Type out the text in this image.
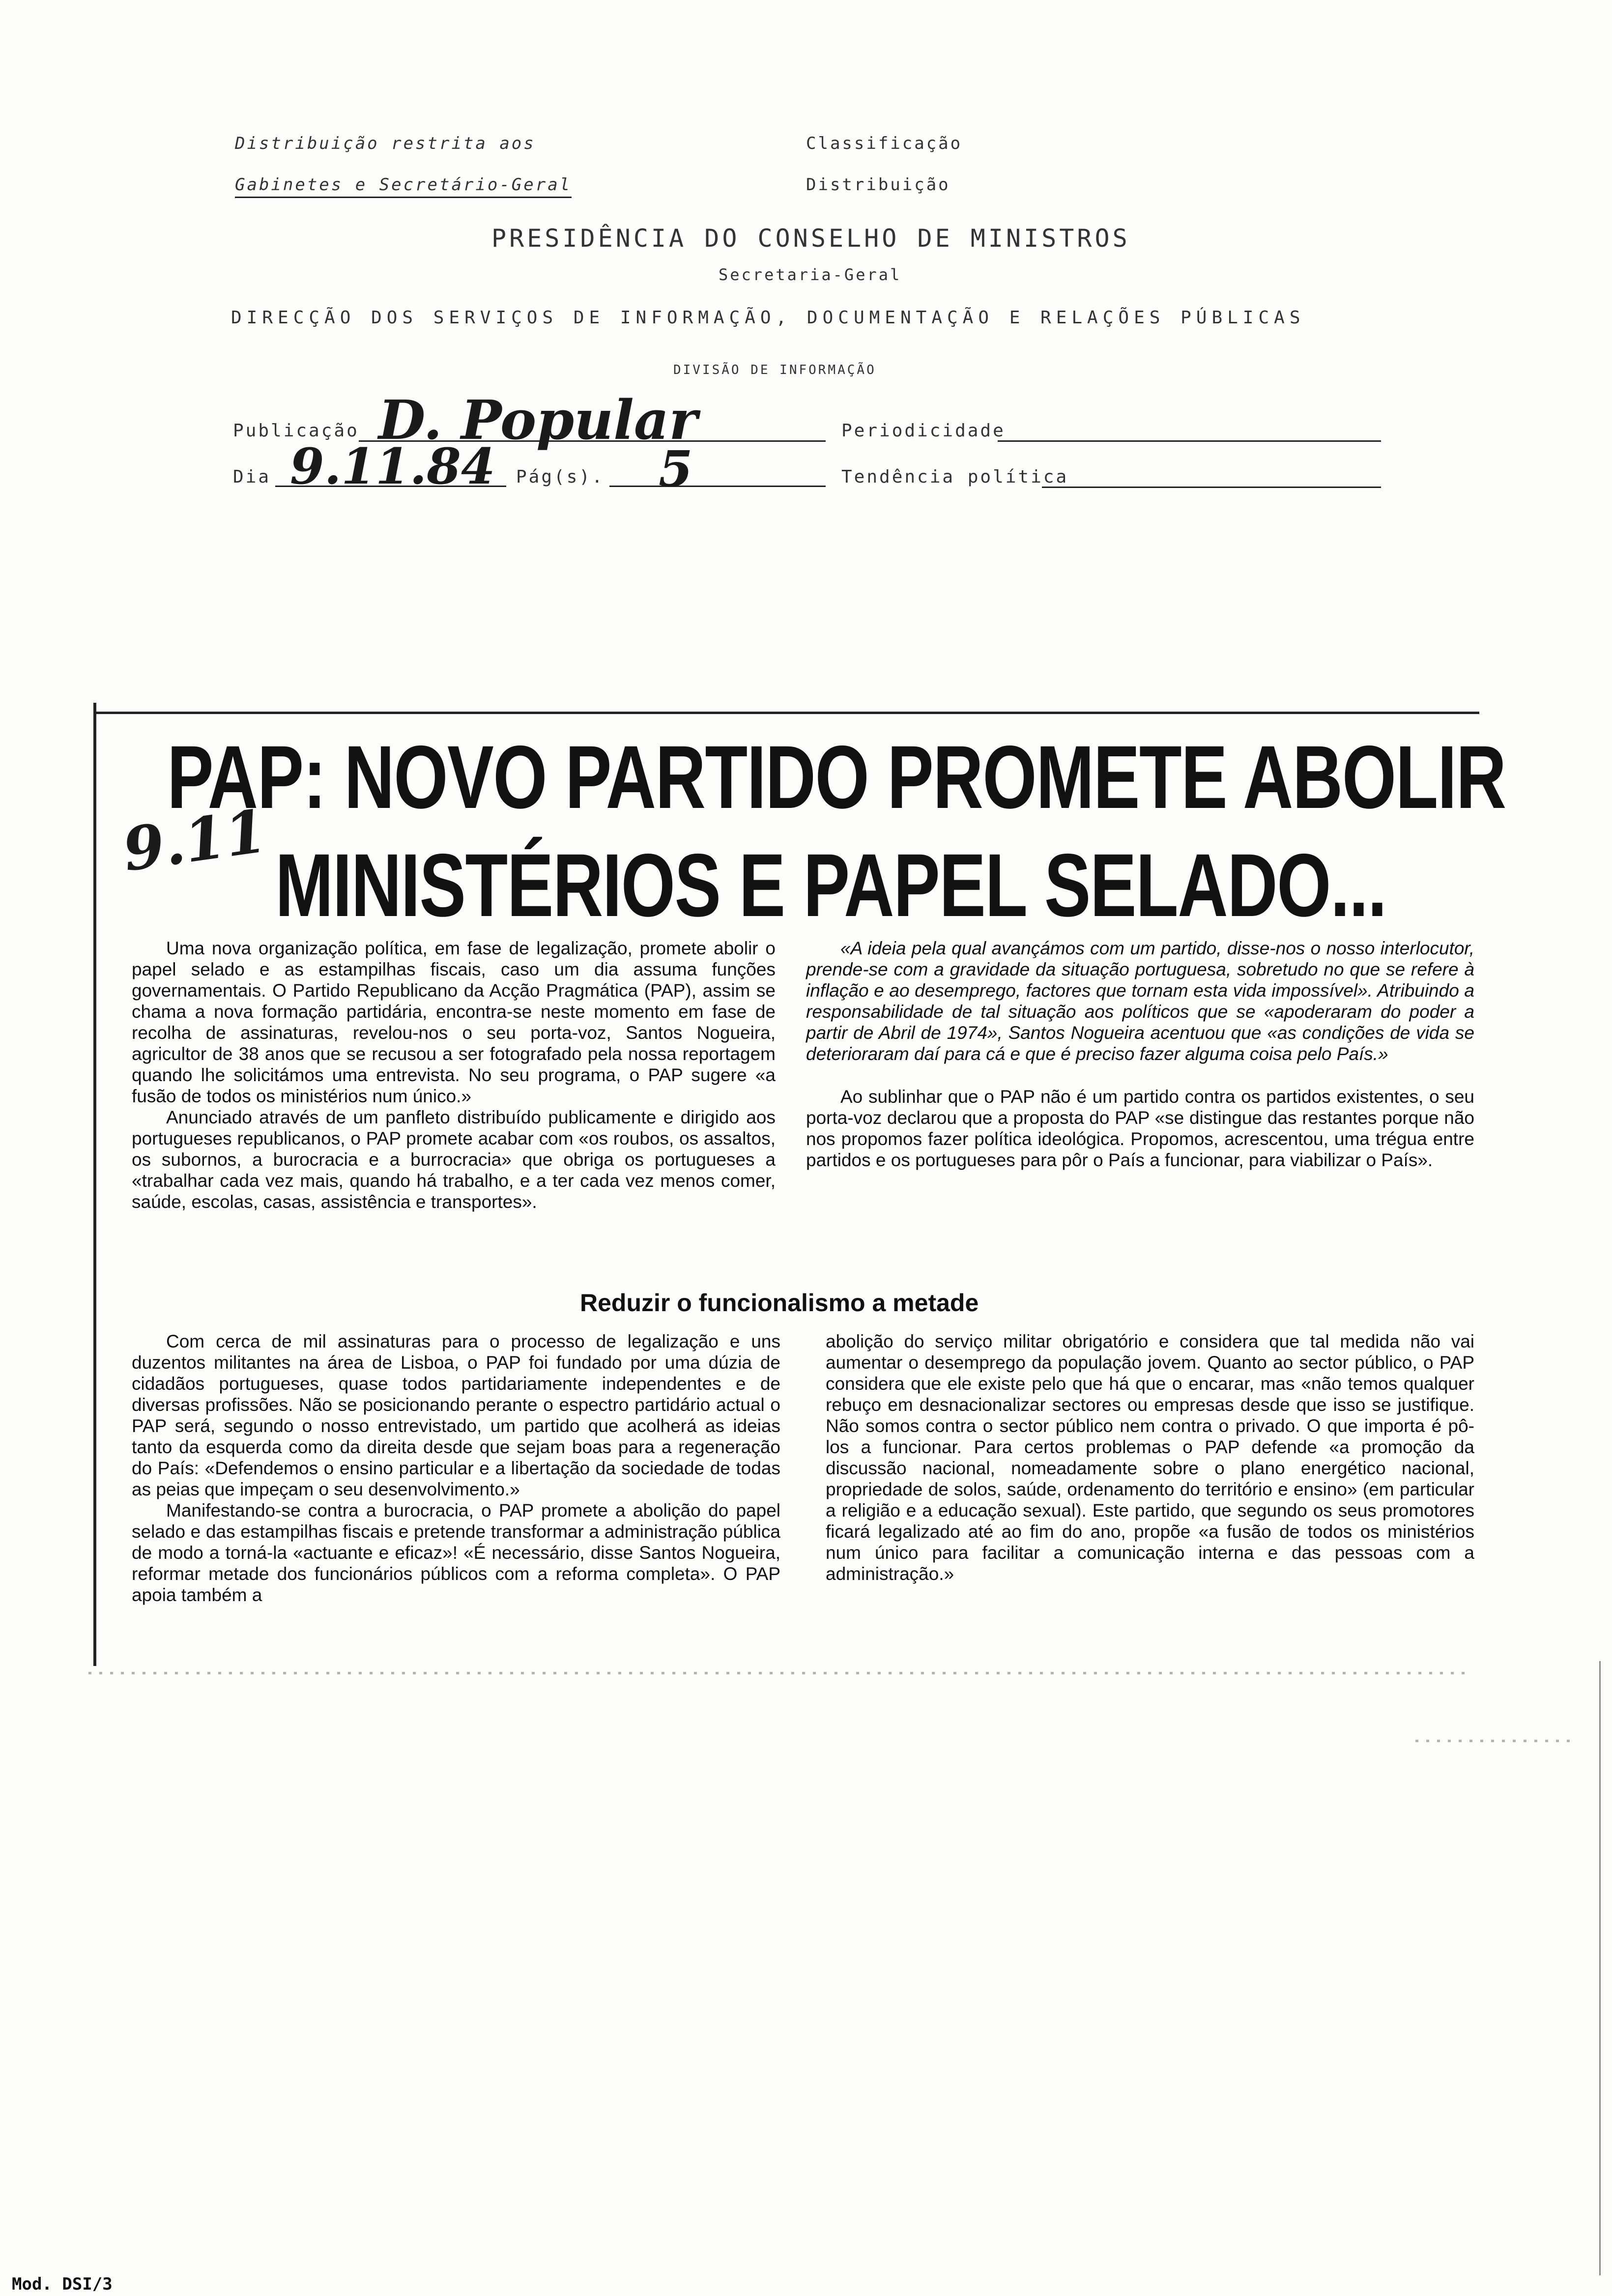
Distribuição restrita aos
Gabinetes e Secretário-Geral
Classificação
Distribuição
PRESIDÊNCIA DO CONSELHO DE MINISTROS
Secretaria-Geral
DIRECÇÃO DOS SERVIÇOS DE INFORMAÇÃO, DOCUMENTAÇÃO E RELAÇÕES PÚBLICAS
DIVISÃO DE INFORMAÇÃO
Publicação D. Popular	Periodicidade
Dia 9.11.84 Pág(s). 5	Tendência política
9.11
PAP: NOVO PARTIDO PROMETE ABOLIR
MINISTÉRIOS E PAPEL SELADO...

Uma nova organização política, em fase de legalização, promete abolir o papel selado e as estampilhas fiscais, caso um dia assuma funções governamentais. O Partido Republicano da Acção Pragmática (PAP), assim se chama a nova formação partidária, encontra-se neste momento em fase de recolha de assinaturas, revelou-nos o seu porta-voz, Santos Nogueira, agricultor de 38 anos que se recusou a ser fotografado pela nossa reportagem quando lhe solicitámos uma entrevista. No seu programa, o PAP sugere «a fusão de todos os ministérios num único.»

Anunciado através de um panfleto distribuído publicamente e dirigido aos portugueses republicanos, o PAP promete acabar com «os roubos, os assaltos, os subornos, a burocracia e a burrocracia» que obriga os portugueses a «trabalhar cada vez mais, quando há trabalho, e a ter cada vez menos comer, saúde, escolas, casas, assistência e transportes».

«A ideia pela qual avançámos com um partido, disse-nos o nosso interlocutor, prende-se com a gravidade da situação portuguesa, sobretudo no que se refere à inflação e ao desemprego, factores que tornam esta vida impossível». Atribuindo a responsabilidade de tal situação aos políticos que se «apoderaram do poder a partir de Abril de 1974», Santos Nogueira acentuou que «as condições de vida se deterioraram daí para cá e que é preciso fazer alguma coisa pelo País.»

Ao sublinhar que o PAP não é um partido contra os partidos existentes, o seu porta-voz declarou que a proposta do PAP «se distingue das restantes porque não nos propomos fazer política ideológica. Propomos, acrescentou, uma trégua entre partidos e os portugueses para pôr o País a funcionar, para viabilizar o País».

Reduzir o funcionalismo a metade

Com cerca de mil assinaturas para o processo de legalização e uns duzentos militantes na área de Lisboa, o PAP foi fundado por uma dúzia de cidadãos portugueses, quase todos partidariamente independentes e de diversas profissões. Não se posicionando perante o espectro partidário actual o PAP será, segundo o nosso entrevistado, um partido que acolherá as ideias tanto da esquerda como da direita desde que sejam boas para a regeneração do País: «Defendemos o ensino particular e a libertação da sociedade de todas as peias que impeçam o seu desenvolvimento.»

Manifestando-se contra a burocracia, o PAP promete a abolição do papel selado e das estampilhas fiscais e pretende transformar a administração pública de modo a torná-la «actuante e eficaz»! «É necessário, disse Santos Nogueira, reformar metade dos funcionários públicos com a reforma completa». O PAP apoia também a

abolição do serviço militar obrigatório e considera que tal medida não vai aumentar o desemprego da população jovem. Quanto ao sector público, o PAP considera que ele existe pelo que há que o encarar, mas «não temos qualquer rebuço em desnacionalizar sectores ou empresas desde que isso se justifique. Não somos contra o sector público nem contra o privado. O que importa é pô-los a funcionar. Para certos problemas o PAP defende «a promoção da discussão nacional, nomeadamente sobre o plano energético nacional, propriedade de solos, saúde, ordenamento do território e ensino» (em particular a religião e a educação sexual). Este partido, que segundo os seus promotores ficará legalizado até ao fim do ano, propõe «a fusão de todos os ministérios num único para facilitar a comunicação interna e das pessoas com a administração.»

Mod. DSI/3
